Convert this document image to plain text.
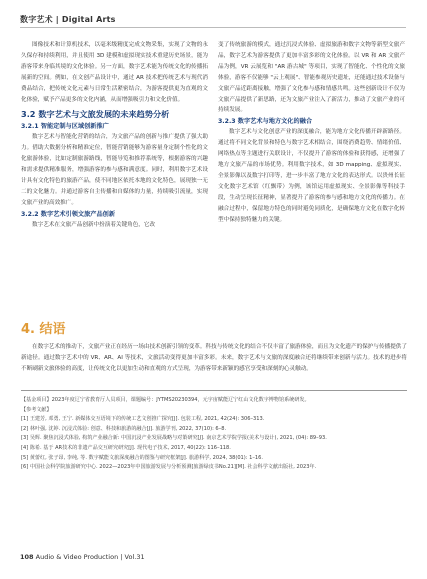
数字艺术 | Digital Arts

图像技术和计算机技术，以毫米级精度完成文物采集，实现了文物的永久保存和持续利用，并且使用 3D 建模和虚拟现实技术重建历史场景，能为游客带来身临其境的文化体验。另一方面，数字艺术能为传统文化的传播拓展新的空间。例如，在文创产品设计中，通过 AR 技术把传统艺术与现代消费品结合，把传统文化元素与日常生活紧密结合，为游客提供更为直观的文化体验，赋予产品更多的文化内涵，从而增强吸引力和文化价值。

3.2 数字艺术与文旅发展的未来趋势分析
3.2.1 智能定制与区域创新推广

数字艺术与智能化营销的结合，为文旅产品的创新与推广提供了强大助力。借助大数据分析和精准定位，智能营销能够为游客量身定制个性化的文化旅游体验，比如定制旅游路线，智能导览和推荐系统等，根据游客的兴趣和需求提供精准服务，增强游客的参与感和满意度。同时，利用数字艺术设计具有文化特色的旅游产品，使不同地区依托本地的文化特色，展现独一无二的文化魅力。并通过游客自主传播和自媒体的力量，持续吸引流量，实现文旅产业的高效推广。

3.2.2 数字艺术引领文旅产品创新

数字艺术在文旅产品创新中扮演着关键角色，它改

变了传统旅游的模式，通过沉浸式体验、虚拟旅游和数字文物等新型文旅产品，数字艺术为游客提供了更加丰富多彩的文化体验。以 VR 和 AR 文旅产品为例，VR 云展览和 "AR 游古城" 等项目，实现了智能化、个性化的文旅体验，游客不仅能够 "云上观展"、智能参观历史遗址，还能通过技术设备与文旅产品近距离接触，增强了文化参与感和情感共鸣。这些创新设计不仅为文旅产品提供了新思路，还为文旅产业注入了新活力，推动了文旅产业的可持续发展。

3.2.3 数字艺术与地方文化的融合

数字艺术与文化创意产业的深度融合，能为地方文化传播开辟新路径。通过将不同文化背景和特色与数字艺术相结合，围绕消费趋势、情绪价值、网络热点等主题进行关联设计，不仅提升了游客的体验和获得感，还增强了地方文旅产品的市场优势。利用数字技术，如 3D mapping、虚拟现实、全景影像以及数字打印等，进一步丰富了地方文化的表达形式。以贵州长征文化数字艺术馆（红飘带）为例，该馆运用虚拟现实、全景影像等科技手段，生动呈现长征精神，显著提升了游客的参与感和地方文化的传播力。在融合过程中，保留地方特色的同时避免同质化，是确保地方文化在数字化转型中保持独特魅力的关键。

4. 结语

在数字艺术的推动下，文旅产业正在经历一场由技术创新引领的变革。科技与传统文化的结合不仅丰富了旅游体验，而且为文化遗产的保护与传播提供了新途径。通过数字艺术中的 VR、AR、AI 等技术，文旅活动变得更加丰富多彩。未来，数字艺术与文旅的深度融合还将继续带来创新与活力。技术的进步将不断刷新文旅体验的高度，让传统文化以更加生动和直观的方式呈现，为游客带来新颖的感官享受和深刻的心灵触动。

【基金项目】2023年度辽宁省教育厅人员项目，课题编号：JYTMS20230394，元宇宙赋能辽宁红山文化数字博物馆系统研发。
【参考文献】
[1] 王建芳, 邓勇, 王宁. 新媒体交互语境下的传统工艺文创推广探究[J]. 包装工程, 2021, 42(24): 306–313.
[2] 林叶强, 沈婷. 沉浸式体验: 创意、科技和旅游的融合[J]. 旅游学刊, 2022, 37(10): 6–8.
[3] 吴辉. 聚焦沉浸式体验, 构筑产业融合新: 中国沉浸产业发展战略与对策研究[J]. 南京艺术学院学报(美术与设计), 2021, (04): 89–93.
[4] 陈希. 基于 AR技术的非遗产品交互研究研究[J]. 现代电子技术, 2017, 40(22): 116–118.
[5] 黄蕾红, 张子昂, 李纯, 等. 数字赋能文旅深度融合的图鉴与研究框架[J]. 旅游科学, 2024, 38(01): 1–16.
[6] 中国社会科学院旅游研究中心. 2022—2023年中国旅游发展与分析预测[旅游绿皮书No.21][M]. 社会科学文献出版社, 2023年.
108 Audio & Video Production | Vol.31
